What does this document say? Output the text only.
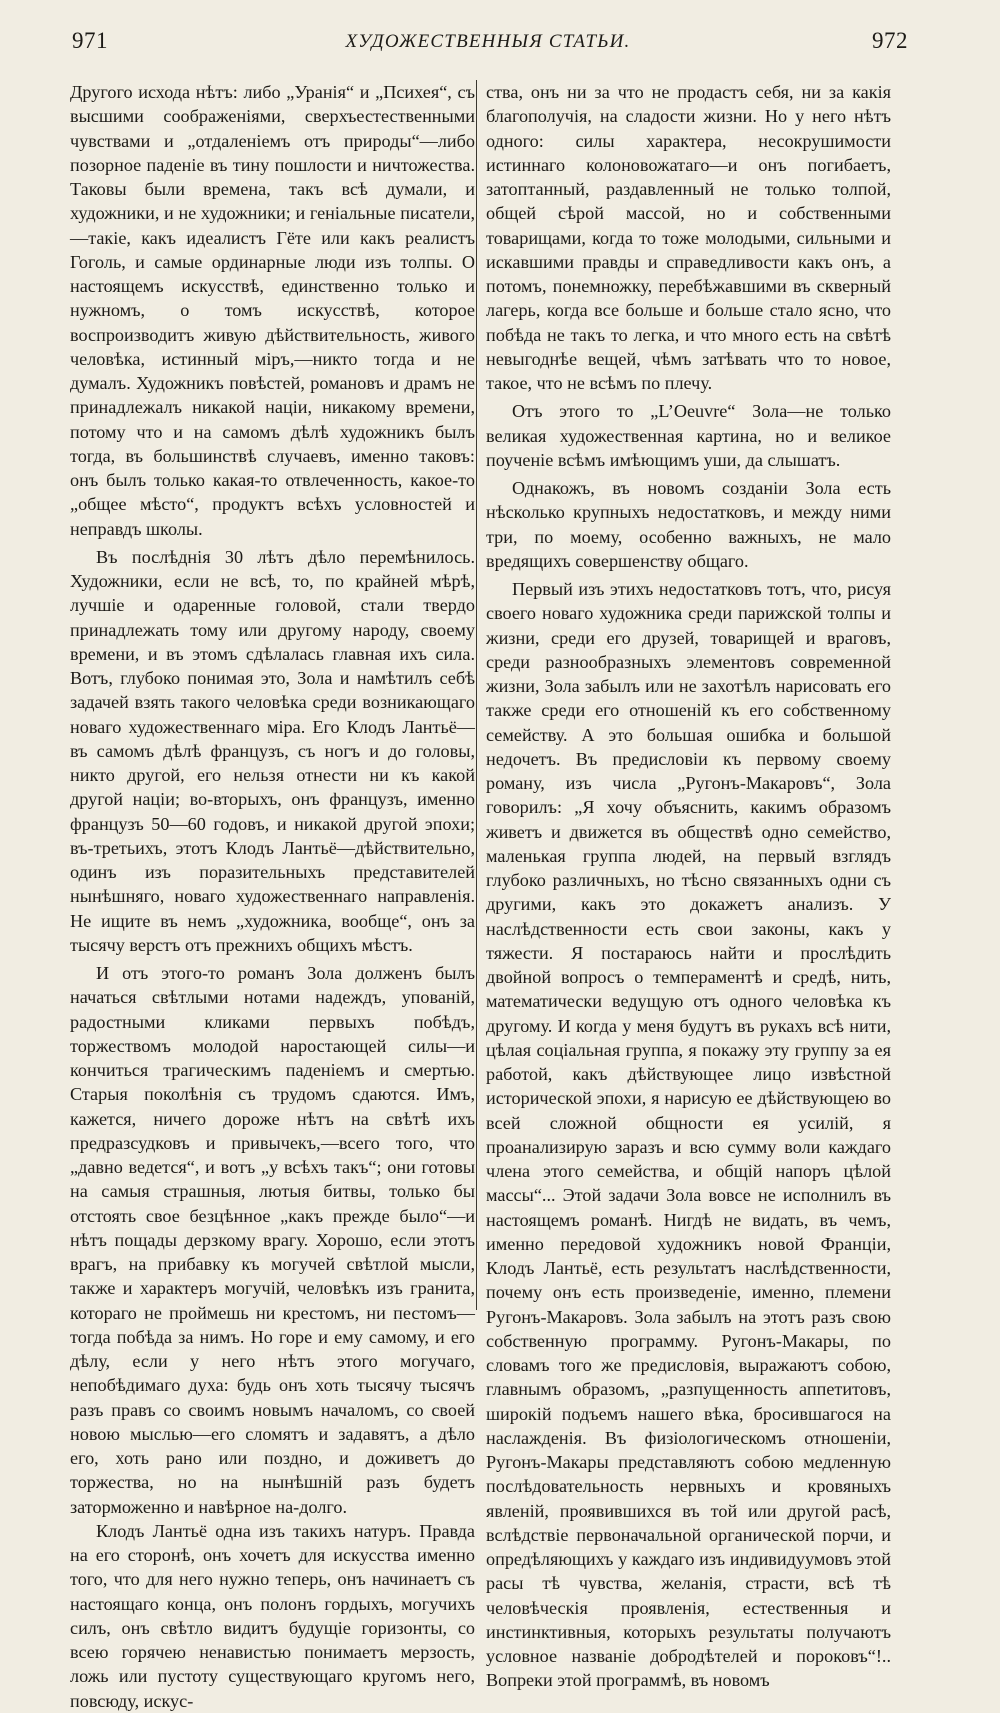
971	ХУДОЖЕСТВЕННЫЯ СТАТЬИ.	972

Другого исхода нѣтъ: либо „Уранія“ и „Психея“, съ высшими соображеніями, сверхъестественными чувствами и „отдаленіемъ отъ природы“—либо позорное паденіе въ тину пошлости и ничтожества. Таковы были времена, такъ всѣ думали, и художники, и не художники; и геніальные писатели,—такіе, какъ идеалистъ Гёте или какъ реалистъ Гоголь, и самые ординарные люди изъ толпы. О настоящемъ искусствѣ, единственно только и нужномъ, о томъ искусствѣ, которое воспроизводитъ живую дѣйствительность, живого человѣка, истинный міръ,—никто тогда и не думалъ. Художникъ повѣстей, романовъ и драмъ не принадлежалъ никакой націи, никакому времени, потому что и на самомъ дѣлѣ художникъ былъ тогда, въ большинствѣ случаевъ, именно таковъ: онъ былъ только какая-то отвлеченность, какое-то „общее мѣсто“, продуктъ всѣхъ условностей и неправдъ школы.

Въ послѣднія 30 лѣтъ дѣло перемѣнилось. Художники, если не всѣ, то, по крайней мѣрѣ, лучшіе и одаренные головой, стали твердо принадлежать тому или другому народу, своему времени, и въ этомъ сдѣлалась главная ихъ сила. Вотъ, глубоко понимая это, Зола и намѣтилъ себѣ задачей взять такого человѣка среди возникающаго новаго художественнаго міра. Его Клодъ Лантьё—въ самомъ дѣлѣ французъ, съ ногъ и до головы, никто другой, его нельзя отнести ни къ какой другой націи; во-вторыхъ, онъ французъ, именно французъ 50—60 годовъ, и никакой другой эпохи; въ-третьихъ, этотъ Клодъ Лантьё—дѣйствительно, одинъ изъ поразительныхъ представителей нынѣшняго, новаго художественнаго направленія. Не ищите въ немъ „художника, вообще“, онъ за тысячу верстъ отъ прежнихъ общихъ мѣстъ.

И отъ этого-то романъ Зола долженъ былъ начаться свѣтлыми нотами надеждъ, упованій, радостными кликами первыхъ побѣдъ, торжествомъ молодой наростающей силы—и кончиться трагическимъ паденіемъ и смертью. Старыя поколѣнія съ трудомъ сдаются. Имъ, кажется, ничего дороже нѣтъ на свѣтѣ ихъ предразсудковъ и привычекъ,—всего того, что „давно ведется“, и вотъ „у всѣхъ такъ“; они готовы на самыя страшныя, лютыя битвы, только бы отстоять свое безцѣнное „какъ прежде было“—и нѣтъ пощады дерзкому врагу. Хорошо, если этотъ врагъ, на прибавку къ могучей свѣтлой мысли, также и характеръ могучій, человѣкъ изъ гранита, котораго не проймешь ни крестомъ, ни пестомъ—тогда побѣда за нимъ. Но горе и ему самому, и его дѣлу, если у него нѣтъ этого могучаго, непобѣдимаго духа: будь онъ хоть тысячу тысячъ разъ правъ со своимъ новымъ началомъ, со своей новою мыслью—его сломятъ и задавятъ, а дѣло его, хоть рано или поздно, и доживетъ до торжества, но на нынѣшній разъ будетъ заторможенно и навѣрное на-долго.

Клодъ Лантьё одна изъ такихъ натуръ. Правда на его сторонѣ, онъ хочетъ для искусства именно того, что для него нужно теперь, онъ начинаетъ съ настоящаго конца, онъ полонъ гордыхъ, могучихъ силъ, онъ свѣтло видитъ будущіе горизонты, со всею горячею ненавистью понимаетъ мерзость, ложь или пустоту существующаго кругомъ него, повсюду, искус-

ства, онъ ни за что не продастъ себя, ни за какія благополучія, на сладости жизни. Но у него нѣтъ одного: силы характера, несокрушимости истиннаго колоновожатаго—и онъ погибаетъ, затоптанный, раздавленный не только толпой, общей сѣрой массой, но и собственными товарищами, когда то тоже молодыми, сильными и искавшими правды и справедливости какъ онъ, а потомъ, понемножку, перебѣжавшими въ скверный лагерь, когда все больше и больше стало ясно, что побѣда не такъ то легка, и что много есть на свѣтѣ невыгоднѣе вещей, чѣмъ затѣвать что то новое, такое, что не всѣмъ по плечу.

Отъ этого то „L’Oeuvre“ Зола—не только великая художественная картина, но и великое поученіе всѣмъ имѣющимъ уши, да слышатъ.

Однакожъ, въ новомъ созданіи Зола есть нѣсколько крупныхъ недостатковъ, и между ними три, по моему, особенно важныхъ, не мало вредящихъ совершенству общаго.

Первый изъ этихъ недостатковъ тотъ, что, рисуя своего новаго художника среди парижской толпы и жизни, среди его друзей, товарищей и враговъ, среди разнообразныхъ элементовъ современной жизни, Зола забылъ или не захотѣлъ нарисовать его также среди его отношеній къ его собственному семейству. А это большая ошибка и большой недочетъ. Въ предисловіи къ первому своему роману, изъ числа „Ругонъ-Макаровъ“, Зола говорилъ: „Я хочу объяснить, какимъ образомъ живетъ и движется въ обществѣ одно семейство, маленькая группа людей, на первый взглядъ глубоко различныхъ, но тѣсно связанныхъ одни съ другими, какъ это докажетъ анализъ. У наслѣдственности есть свои законы, какъ у тяжести. Я постараюсь найти и прослѣдить двойной вопросъ о темпераментѣ и средѣ, нить, математически ведущую отъ одного человѣка къ другому. И когда у меня будутъ въ рукахъ всѣ нити, цѣлая соціальная группа, я покажу эту группу за ея работой, какъ дѣйствующее лицо извѣстной исторической эпохи, я нарисую ее дѣйствующею во всей сложной общности ея усилій, я проанализирую заразъ и всю сумму воли каждаго члена этого семейства, и общій напоръ цѣлой массы“... Этой задачи Зола вовсе не исполнилъ въ настоящемъ романѣ. Нигдѣ не видать, въ чемъ, именно передовой художникъ новой Франціи, Клодъ Лантьё, есть результатъ наслѣдственности, почему онъ есть произведеніе, именно, племени Ругонъ-Макаровъ. Зола забылъ на этотъ разъ свою собственную программу. Ругонъ-Макары, по словамъ того же предисловія, выражаютъ собою, главнымъ образомъ, „разпущенность аппетитовъ, широкій подъемъ нашего вѣка, бросившагося на наслажденія. Въ физіологическомъ отношеніи, Ругонъ-Макары представляютъ собою медленную послѣдовательность нервныхъ и кровяныхъ явленій, проявившихся въ той или другой расѣ, вслѣдствіе первоначальной органической порчи, и опредѣляющихъ у каждаго изъ индивидуумовъ этой расы тѣ чувства, желанія, страсти, всѣ тѣ человѣческія проявленія, естественныя и инстинктивныя, которыхъ результаты получаютъ условное названіе добродѣтелей и пороковъ“!.. Вопреки этой программѣ, въ новомъ
